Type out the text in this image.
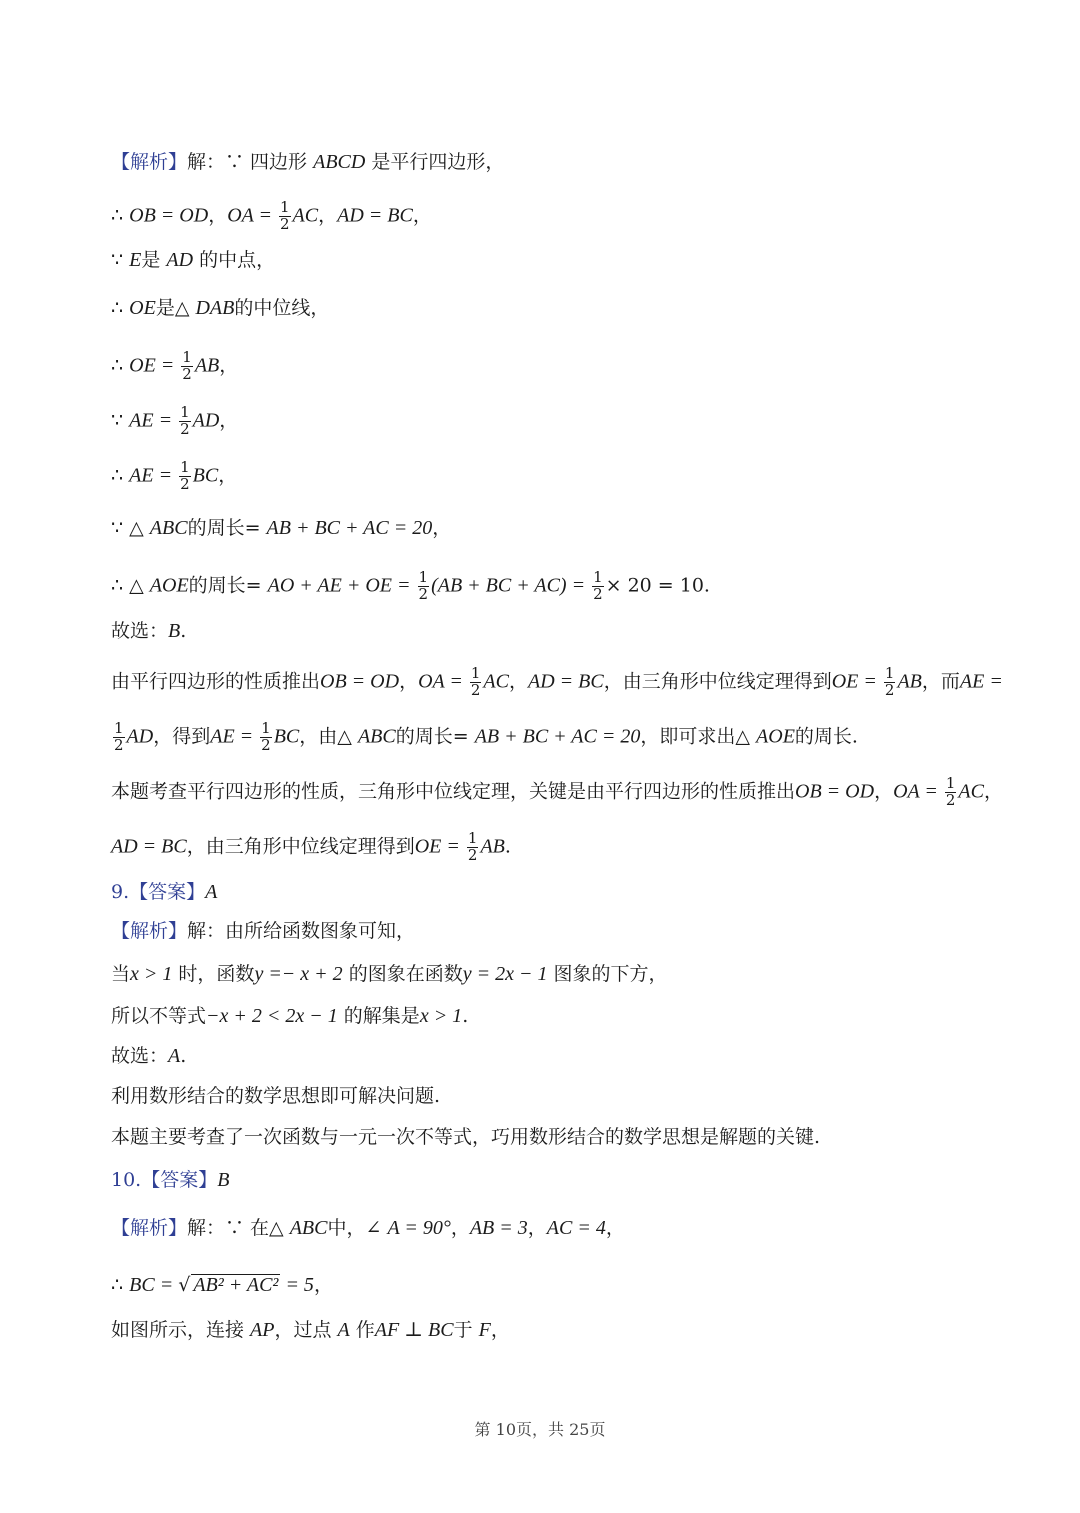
【解析】解：∵ 四边形 ABCD 是平行四边形，
∴ OB = OD，OA = $\frac{1}{2}$ AC，AD = BC，
∵ E是 AD 的中点，
∴ OE是△ DAB的中位线，
∴ OE = $\frac{1}{2}$ AB，
∵ AE = $\frac{1}{2}$ AD，
∴ AE = $\frac{1}{2}$ BC，
∵ △ ABC的周长= AB + BC + AC = 20，
∴ △ AOE的周长= AO + AE + OE = $\frac{1}{2} (AB$ + BC + $AC) = \frac{1}{2} \times 20 = 10$.
故选：B.
由平行四边形的性质推出OB = OD，OA = $\frac{1}{2}$ AC，AD = BC，由三角形中位线定理得到OE = $\frac{1}{2}$ AB，而AE =
$\frac{1}{2}$ AD，得到AE = $\frac{1}{2}$ BC，由△ ABC的周长= AB + BC + AC = 20，即可求出△ AOE的周长.
本题考查平行四边形的性质，三角形中位线定理，关键是由平行四边形的性质推出OB = OD，OA = $\frac{1}{2}$ AC，
AD = BC，由三角形中位线定理得到OE = $\frac{1}{2}$ AB.
9.【答案】A
【解析】解：由所给函数图象可知，
当x > 1 时，函数y =− x + 2 的图象在函数y = 2x − 1 图象的下方，
所以不等式−x + 2 < 2x − 1 的解集是x > 1.
故选：A.
利用数形结合的数学思想即可解决问题.
本题主要考查了一次函数与一元一次不等式，巧用数形结合的数学思想是解题的关键.
10.【答案】B
【解析】解：∵ 在△ ABC中，∠ A = 90°，AB = 3，AC = 4，
∴ BC = √ AB² + AC² = 5，
如图所示，连接 AP，过点 A 作AF ⊥ BC于 F，
第 10页，共 25页
